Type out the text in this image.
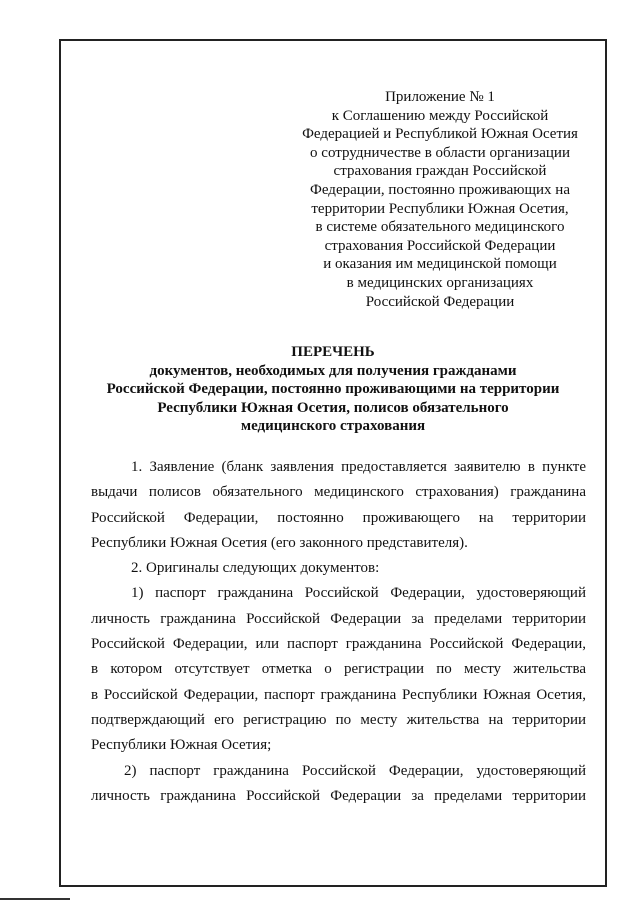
Приложение № 1
к Соглашению между Российской
Федерацией и Республикой Южная Осетия
о сотрудничестве в области организации
страхования граждан Российской
Федерации, постоянно проживающих на
территории Республики Южная Осетия,
в системе обязательного медицинского
страхования Российской Федерации
и оказания им медицинской помощи
в медицинских организациях
Российской Федерации
ПЕРЕЧЕНЬ
документов, необходимых для получения гражданами
Российской Федерации, постоянно проживающими на территории
Республики Южная Осетия, полисов обязательного
медицинского страхования
1. Заявление (бланк заявления предоставляется заявителю в пункте
выдачи полисов обязательного медицинского страхования) гражданина
Российской Федерации, постоянно проживающего на территории
Республики Южная Осетия (его законного представителя).
2. Оригиналы следующих документов:
1) паспорт гражданина Российской Федерации, удостоверяющий
личность гражданина Российской Федерации за пределами территории
Российской Федерации, или паспорт гражданина Российской Федерации,
в котором отсутствует отметка о регистрации по месту жительства
в Российской Федерации, паспорт гражданина Республики Южная Осетия,
подтверждающий его регистрацию по месту жительства на территории
Республики Южная Осетия;
2) паспорт гражданина Российской Федерации, удостоверяющий
личность гражданина Российской Федерации за пределами территории
